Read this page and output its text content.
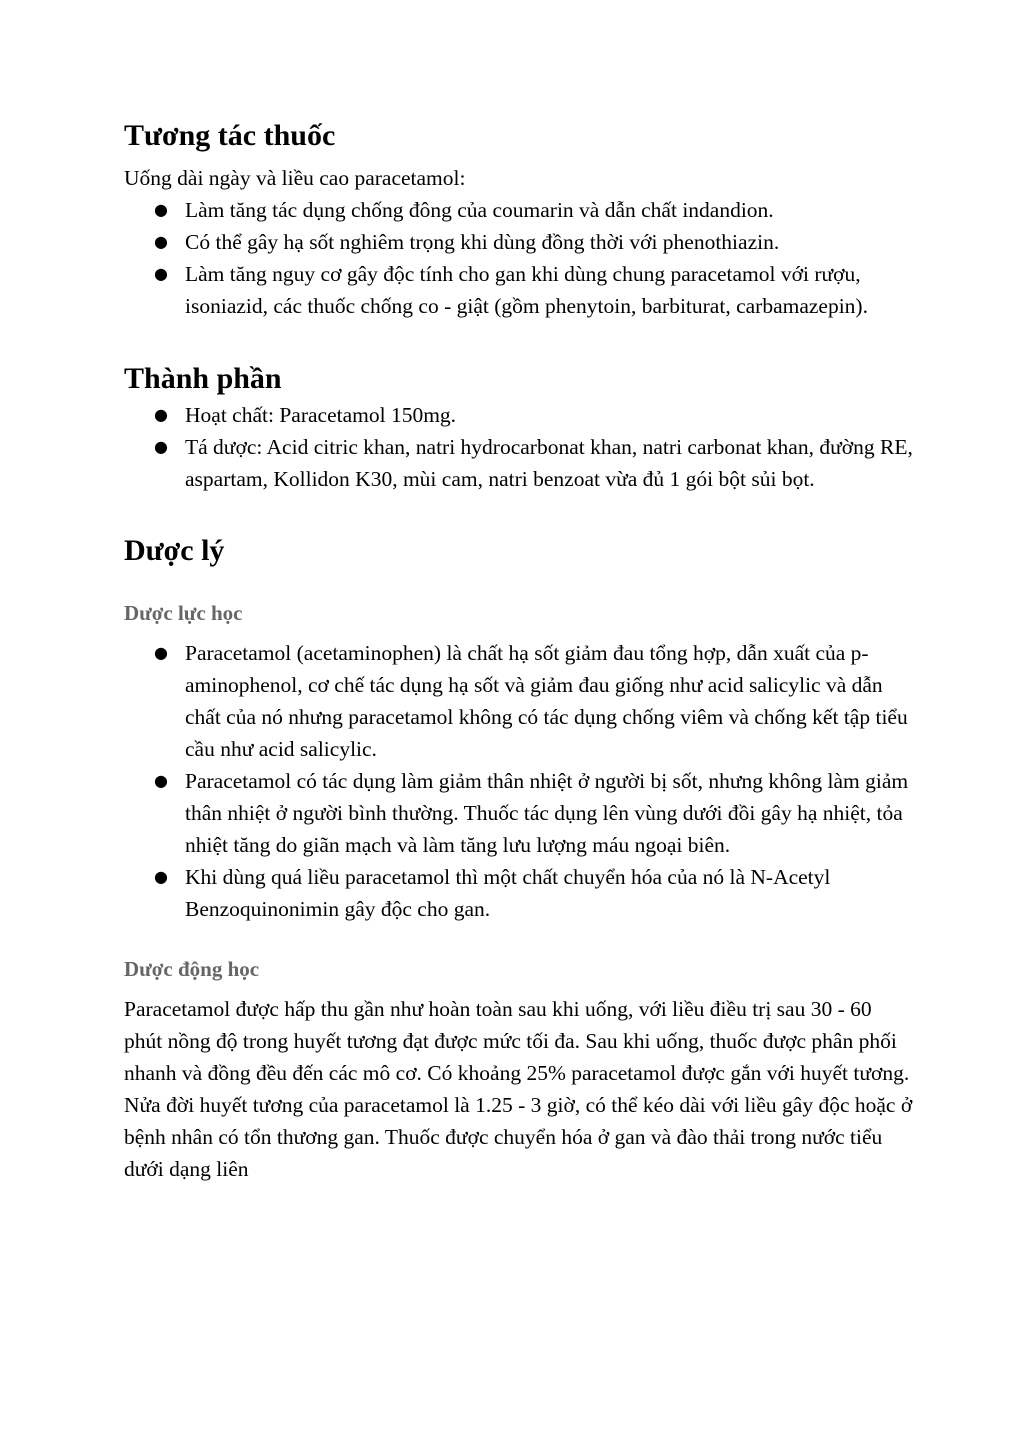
Tương tác thuốc

Uống dài ngày và liều cao paracetamol:

● Làm tăng tác dụng chống đông của coumarin và dẫn chất indandion.
● Có thể gây hạ sốt nghiêm trọng khi dùng đồng thời với phenothiazin.
● Làm tăng nguy cơ gây độc tính cho gan khi dùng chung paracetamol với rượu, isoniazid, các thuốc chống co - giật (gồm phenytoin, barbiturat, carbamazepin).
Thành phần
● Hoạt chất: Paracetamol 150mg.
● Tá dược: Acid citric khan, natri hydrocarbonat khan, natri carbonat khan, đường RE, aspartam, Kollidon K30, mùi cam, natri benzoat vừa đủ 1 gói bột sủi bọt.
Dược lý
Dược lực học
● Paracetamol (acetaminophen) là chất hạ sốt giảm đau tổng hợp, dẫn xuất của p-aminophenol, cơ chế tác dụng hạ sốt và giảm đau giống như acid salicylic và dẫn chất của nó nhưng paracetamol không có tác dụng chống viêm và chống kết tập tiểu cầu như acid salicylic.
● Paracetamol có tác dụng làm giảm thân nhiệt ở người bị sốt, nhưng không làm giảm thân nhiệt ở người bình thường. Thuốc tác dụng lên vùng dưới đồi gây hạ nhiệt, tỏa nhiệt tăng do giãn mạch và làm tăng lưu lượng máu ngoại biên.
● Khi dùng quá liều paracetamol thì một chất chuyển hóa của nó là N-Acetyl Benzoquinonimin gây độc cho gan.
Dược động học

Paracetamol được hấp thu gần như hoàn toàn sau khi uống, với liều điều trị sau 30 - 60 phút nồng độ trong huyết tương đạt được mức tối đa. Sau khi uống, thuốc được phân phối nhanh và đồng đều đến các mô cơ. Có khoảng 25% paracetamol được gắn với huyết tương. Nửa đời huyết tương của paracetamol là 1.25 - 3 giờ, có thể kéo dài với liều gây độc hoặc ở bệnh nhân có tổn thương gan. Thuốc được chuyển hóa ở gan và đào thải trong nước tiểu dưới dạng liên
